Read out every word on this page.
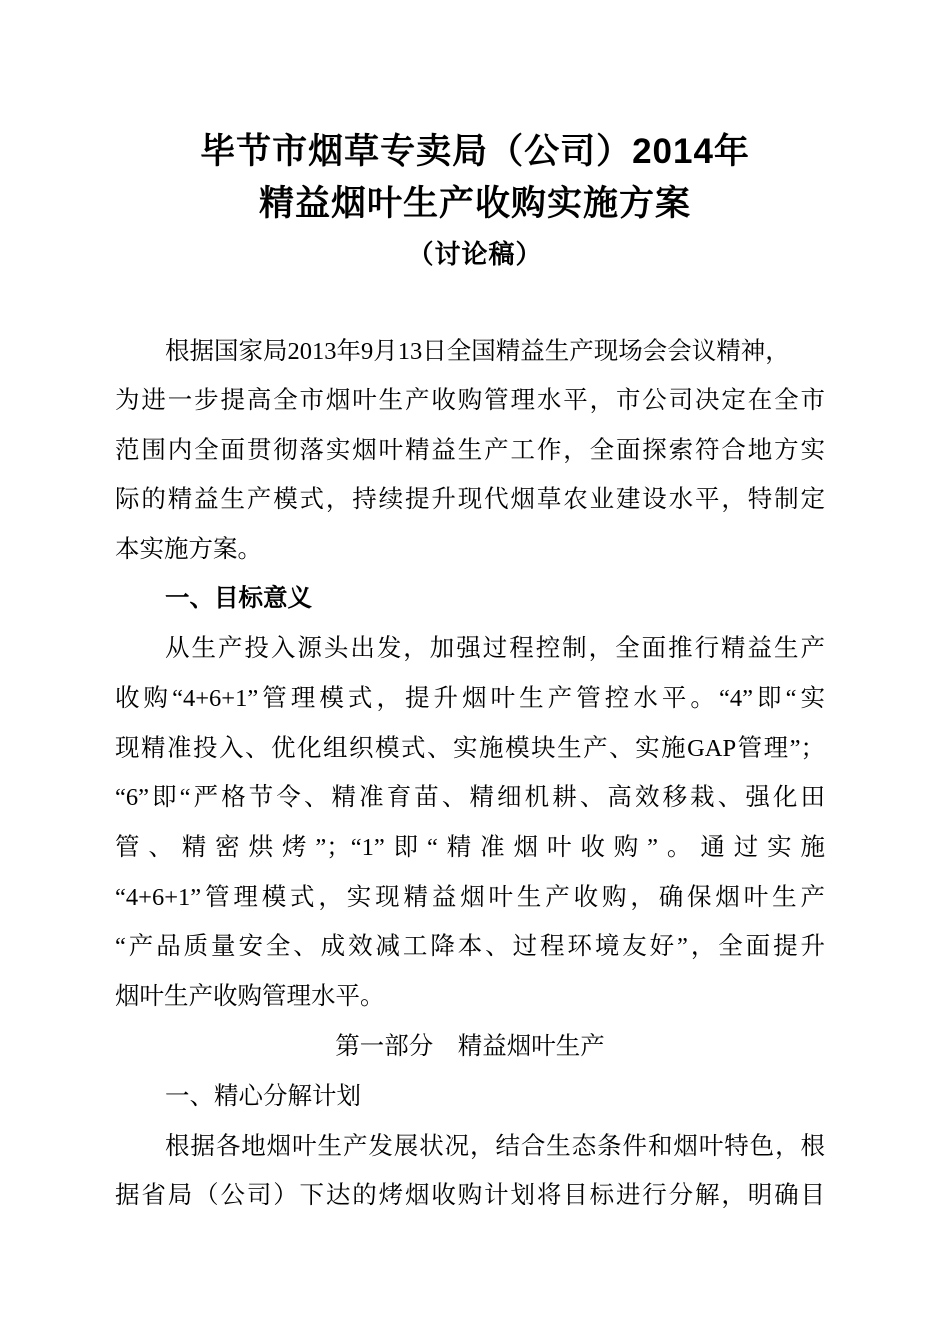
毕节市烟草专卖局（公司）2014年
精益烟叶生产收购实施方案
（讨论稿）
根据国家局2013年9月13日全国精益生产现场会会议精神，
为进一步提高全市烟叶生产收购管理水平，市公司决定在全市
范围内全面贯彻落实烟叶精益生产工作，全面探索符合地方实
际的精益生产模式，持续提升现代烟草农业建设水平，特制定
本实施方案。
一、目标意义
从生产投入源头出发，加强过程控制，全面推行精益生产
收购“4+6+1”管理模式，提升烟叶生产管控水平。“4”即“实
现精准投入、优化组织模式、实施模块生产、实施GAP管理”；
“6”即“严格节令、精准育苗、精细机耕、高效移栽、强化田
管、精密烘烤”；“1”即“精准烟叶收购”。通过实施
“4+6+1”管理模式，实现精益烟叶生产收购，确保烟叶生产
“产品质量安全、成效减工降本、过程环境友好”，全面提升
烟叶生产收购管理水平。
第一部分　精益烟叶生产
一、精心分解计划
根据各地烟叶生产发展状况，结合生态条件和烟叶特色，根
据省局（公司）下达的烤烟收购计划将目标进行分解，明确目
